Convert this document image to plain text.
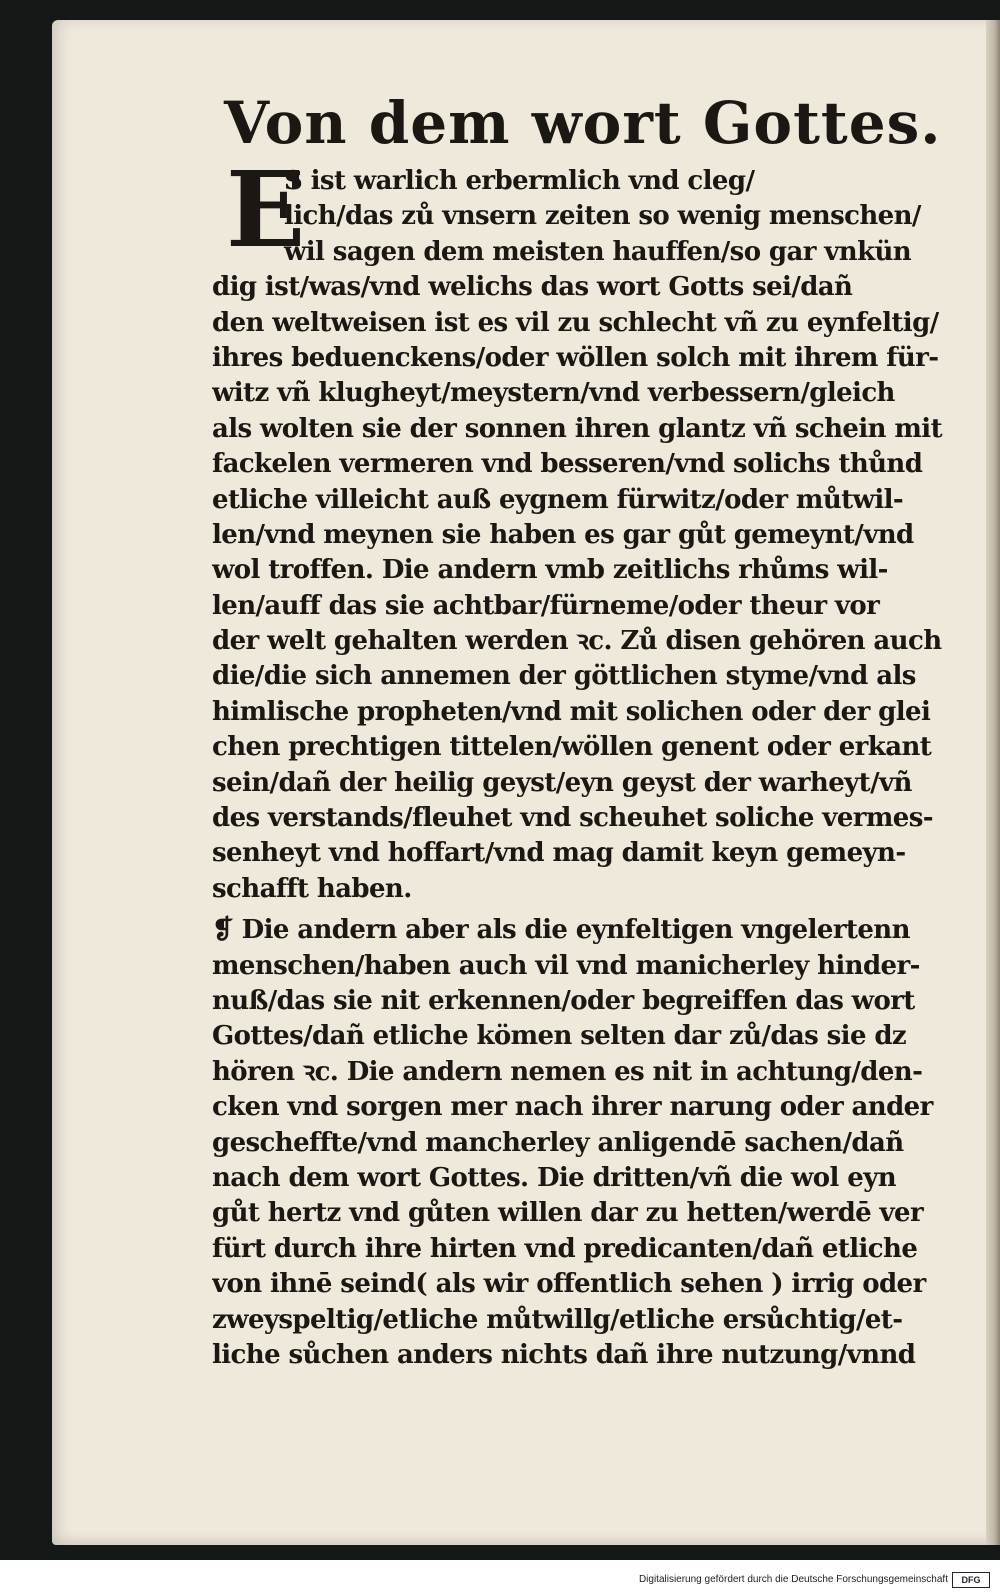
Von dem wort Gottes.
E
S ist warlich erbermlich vnd cleg/
lich/das zů vnsern zeiten so wenig menschen/
wil sagen dem meisten hauffen/so gar vnkün
dig ist/was/vnd welichs das wort Gotts sei/dañ
den weltweisen ist es vil zu schlecht vñ zu eynfeltig/
ihres beduenckens/oder wöllen solch mit ihrem für-
witz vñ klugheyt/meystern/vnd verbessern/gleich
als wolten sie der sonnen ihren glantz vñ schein mit
fackelen vermeren vnd besseren/vnd solichs thůnd
etliche villeicht auß eygnem fürwitz/oder můtwil-
len/vnd meynen sie haben es gar gůt gemeynt/vnd
wol troffen. Die andern vmb zeitlichs rhůms wil-
len/auff das sie achtbar/fürneme/oder theur vor
der welt gehalten werden ꝛc. Zů disen gehören auch
die/die sich annemen der göttlichen styme/vnd als
himlische propheten/vnd mit solichen oder der glei
chen prechtigen tittelen/wöllen genent oder erkant
sein/dañ der heilig geyst/eyn geyst der warheyt/vñ
des verstands/fleuhet vnd scheuhet soliche vermes-
senheyt vnd hoffart/vnd mag damit keyn gemeyn-
schafft haben.
❡ Die andern aber als die eynfeltigen vngelertenn
menschen/haben auch vil vnd manicherley hinder-
nuß/das sie nit erkennen/oder begreiffen das wort
Gottes/dañ etliche kömen selten dar zů/das sie dz
hören ꝛc. Die andern nemen es nit in achtung/den-
cken vnd sorgen mer nach ihrer narung oder ander
gescheffte/vnd mancherley anligendē sachen/dañ
nach dem wort Gottes. Die dritten/vñ die wol eyn
gůt hertz vnd gůten willen dar zu hetten/werdē ver
fürt durch ihre hirten vnd predicanten/dañ etliche
von ihnē seind( als wir offentlich sehen ) irrig oder
zweyspeltig/etliche můtwillg/etliche ersůchtig/et-
liche sůchen anders nichts dañ ihre nutzung/vnnd
Digitalisierung gefördert durch die Deutsche Forschungsgemeinschaft	DFG
